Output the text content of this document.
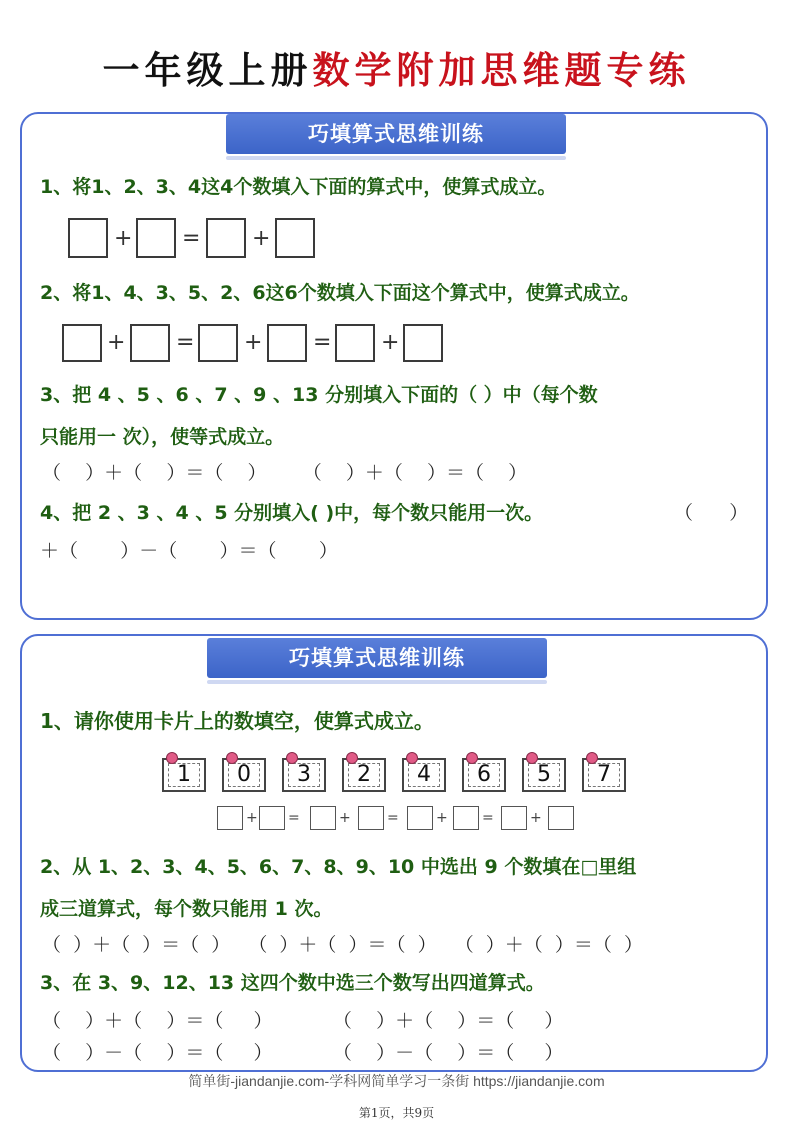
一年级上册数学附加思维题专练
巧填算式思维训练
1、将1、2、3、4这4个数填入下面的算式中，使算式成立。
+ = +
2、将1、4、3、5、2、6这6个数填入下面这个算式中，使算式成立。
+ = + = +
3、把 4 、5 、6 、7 、9 、13 分别填入下面的（ ）中（每个数
只能用一 次），使等式成立。
（    ）＋（    ）＝（    ）      （    ）＋（    ）＝（    ）
4、把 2 、3 、4 、5 分别填入( )中，每个数只能用一次。	（      ）
＋（       ）－（       ）＝（       ）
巧填算式思维训练
1、请你使用卡片上的数填空，使算式成立。
1	0	3	2	4	6	5	7
+ =	+	=	+ =	+
2、从 1、2、3、4、5、6、7、8、9、10 中选出 9 个数填在□里组
成三道算式，每个数只能用 1 次。
（  ）＋（  ）＝（  ）   （  ）＋（  ）＝（  ）   （  ）＋（  ）＝（  ）
3、在 3、9、12、13 这四个数中选三个数写出四道算式。
（    ）＋（    ）＝（     ）          （    ）＋（    ）＝（     ）
（    ）－（    ）＝（     ）          （    ）－（    ）＝（     ）
简单街-jiandanjie.com-学科网简单学习一条街 https://jiandanjie.com
第1页，共9页
